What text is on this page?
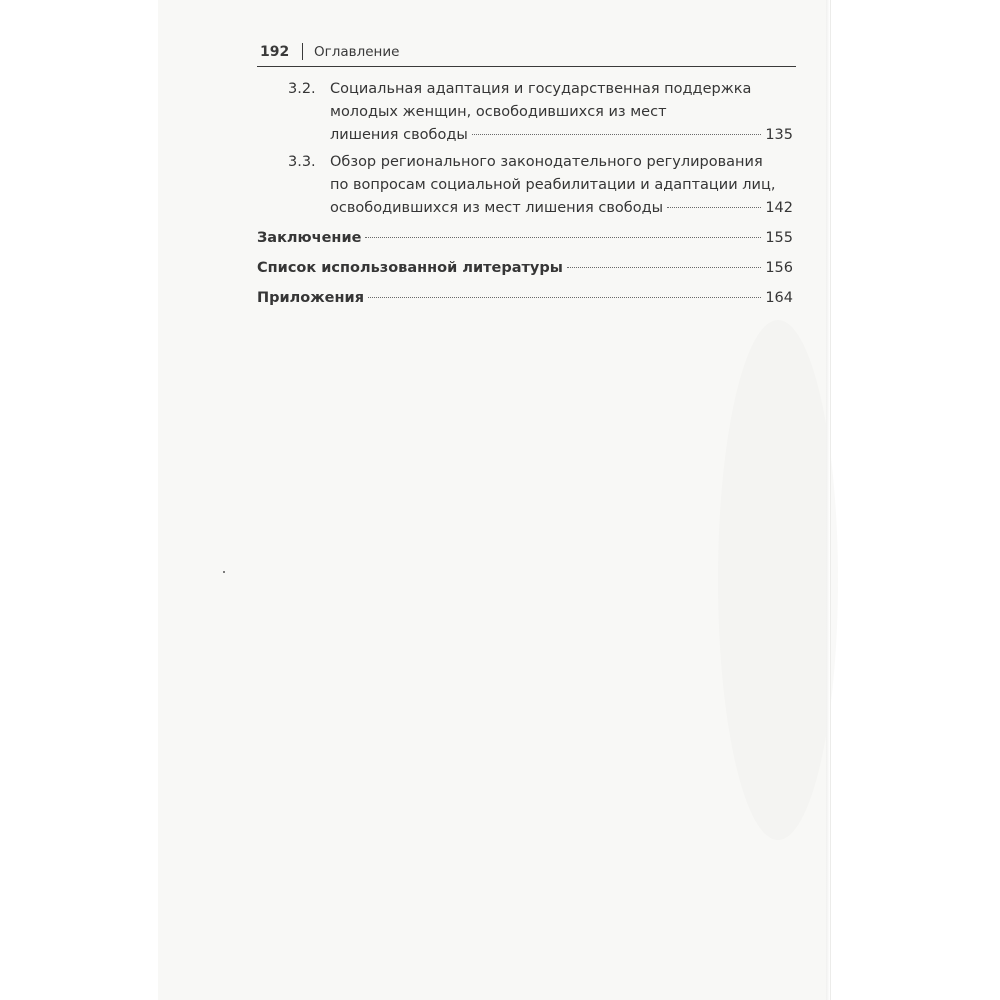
192 Оглавление
3.2. Социальная адаптация и государственная поддержка
молодых женщин, освободившихся из мест
лишения свободы	135
3.3. Обзор регионального законодательного регулирования
по вопросам социальной реабилитации и адаптации лиц,
освободившихся из мест лишения свободы	142
Заключение	155
Список использованной литературы	156
Приложения	164
